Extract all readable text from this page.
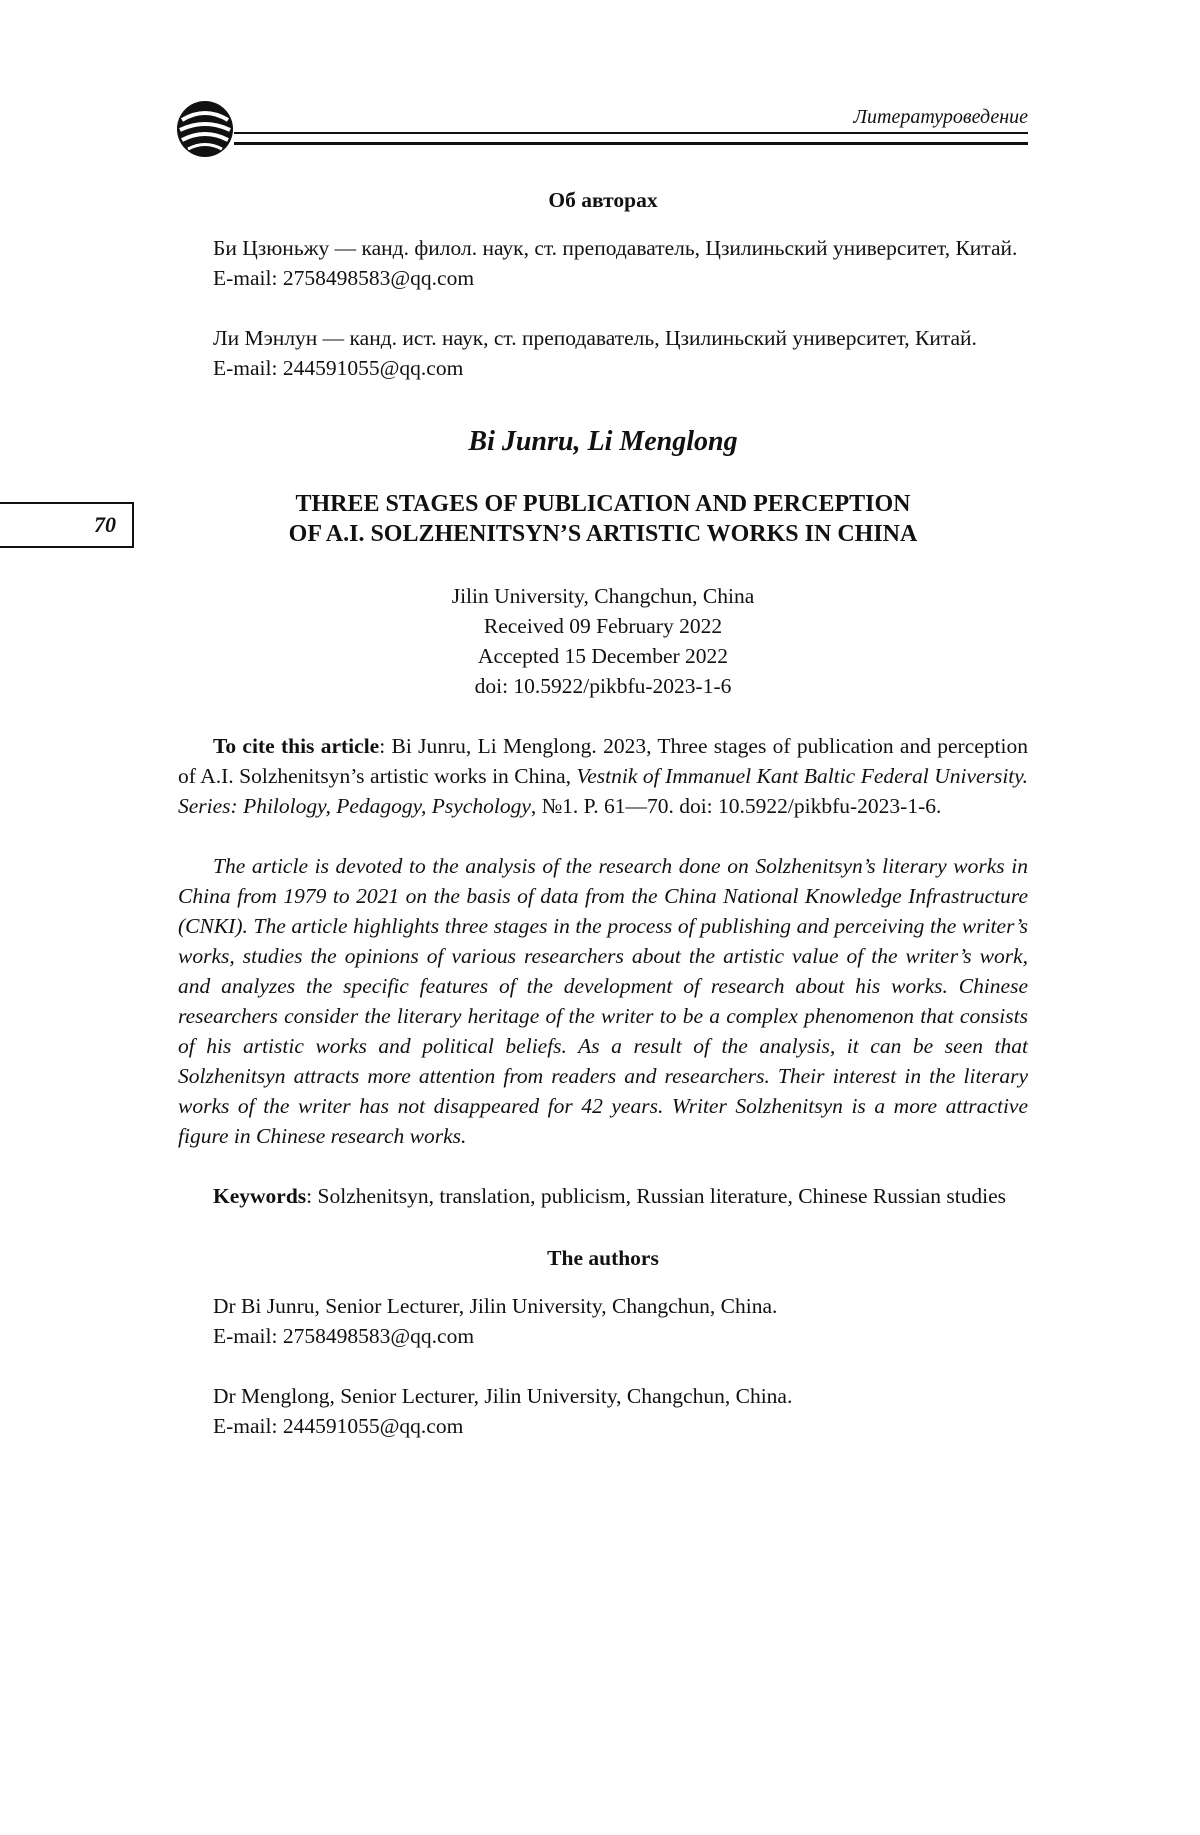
Литературоведение
70

Об авторах

Би Цзюньжу — канд. филол. наук, ст. преподаватель, Цзилиньский университет, Китай.

E-mail: 2758498583@qq.com

Ли Мэнлун — канд. ист. наук, ст. преподаватель, Цзилиньский университет, Китай.

E-mail: 244591055@qq.com

Bi Junru, Li Menglong

THREE STAGES OF PUBLICATION AND PERCEPTION

OF A.I. SOLZHENITSYN’S ARTISTIC WORKS IN CHINA

Jilin University, Changchun, China

Received 09 February 2022

Accepted 15 December 2022

doi: 10.5922/pikbfu-2023-1-6

To cite this article: Bi Junru, Li Menglong. 2023, Three stages of publication and perception of A.I. Solzhenitsyn’s artistic works in China, Vestnik of Immanuel Kant Baltic Federal University. Series: Philology, Pedagogy, Psychology, №1. P. 61—70. doi: 10.5922/pikbfu-2023-1-6.

The article is devoted to the analysis of the research done on Solzhenitsyn’s literary works in China from 1979 to 2021 on the basis of data from the China National Knowledge Infrastructure (CNKI). The article highlights three stages in the process of publishing and perceiving the writer’s works, studies the opinions of various researchers about the artistic value of the writer’s work, and analyzes the specific features of the development of research about his works. Chinese researchers consider the literary heritage of the writer to be a complex phenomenon that consists of his artistic works and political beliefs. As a result of the analysis, it can be seen that Solzhenitsyn attracts more attention from readers and researchers. Their interest in the literary works of the writer has not disappeared for 42 years. Writer Solzhenitsyn is a more attractive figure in Chinese research works.

Keywords: Solzhenitsyn, translation, publicism, Russian literature, Chinese Russian studies

The authors

Dr Bi Junru, Senior Lecturer, Jilin University, Changchun, China.

E-mail: 2758498583@qq.com

Dr Menglong, Senior Lecturer, Jilin University, Changchun, China.

E-mail: 244591055@qq.com
